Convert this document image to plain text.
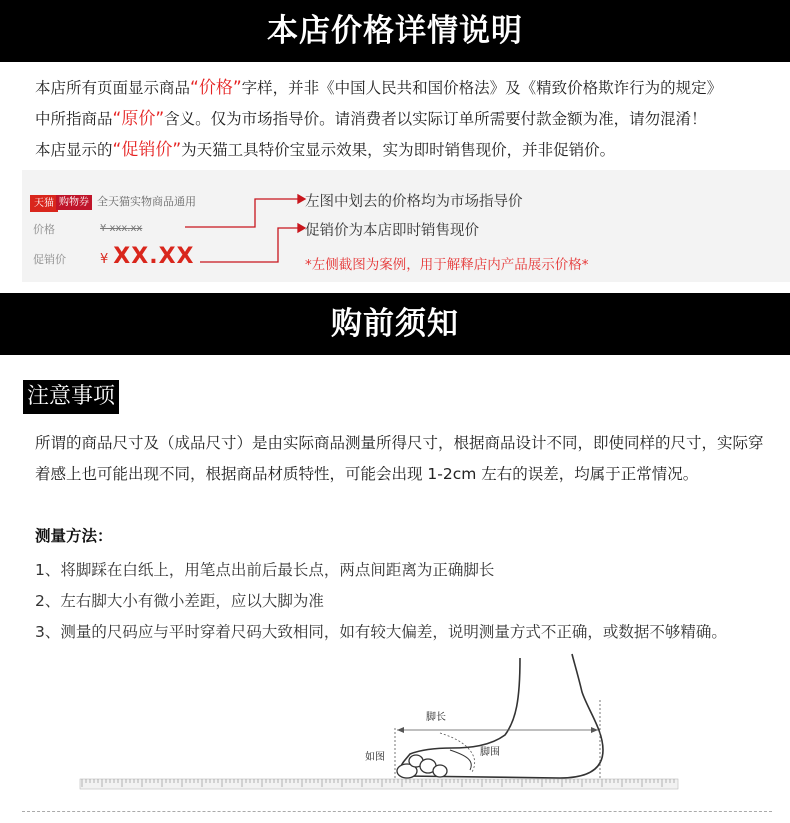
本店价格详情说明
本店所有页面显示商品“价格”字样，并非《中国人民共和国价格法》及《精致价格欺诈行为的规定》
中所指商品“原价”含义。仅为市场指导价。请消费者以实际订单所需要付款金额为准，请勿混淆！
本店显示的“促销价”为天猫工具特价宝显示效果，实为即时销售现价，并非促销价。
天猫 购物券 全天猫实物商品通用
价格	¥ xxx.xx
促销价	¥ XX.XX
左图中划去的价格均为市场指导价
促销价为本店即时销售现价
*左侧截图为案例，用于解释店内产品展示价格*
购前须知
注意事项
所谓的商品尺寸及（成品尺寸）是由实际商品测量所得尺寸，根据商品设计不同，即使同样的尺寸，实际穿着感上也可能出现不同，根据商品材质特性，可能会出现 1-2cm 左右的误差，均属于正常情况。
测量方法：
1、将脚踩在白纸上，用笔点出前后最长点，两点间距离为正确脚长
2、左右脚大小有微小差距，应以大脚为准
3、测量的尺码应与平时穿着尺码大致相同，如有较大偏差，说明测量方式不正确，或数据不够精确。
脚长
脚围
如图
